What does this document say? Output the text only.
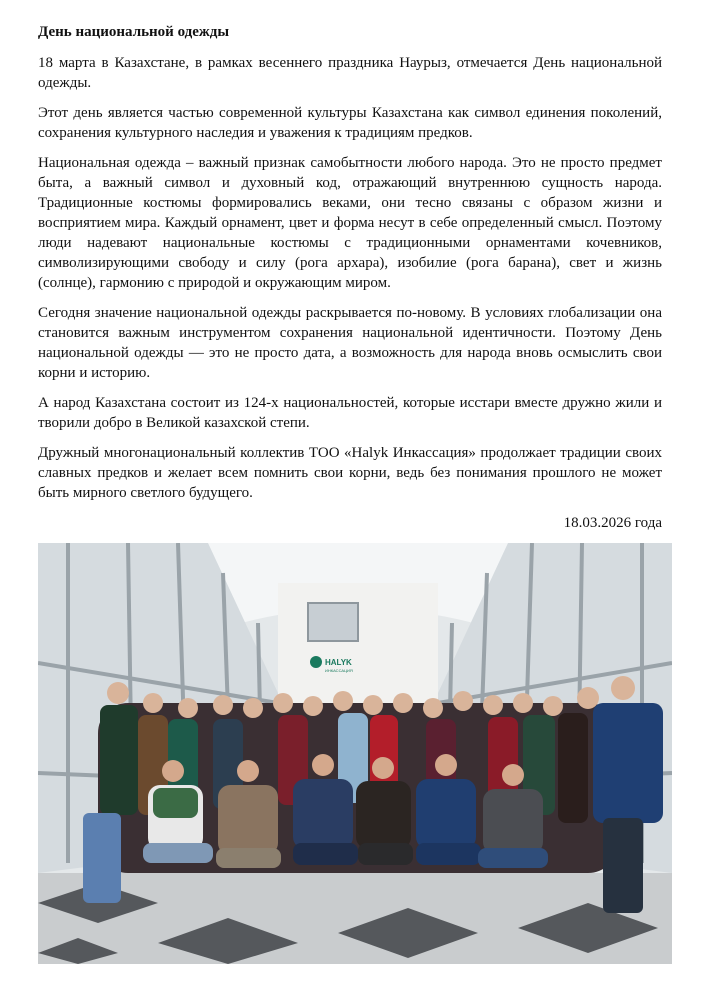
День национальной одежды

18 марта в Казахстане, в рамках весеннего праздника Наурыз, отмечается День национальной одежды.

Этот день является частью современной культуры Казахстана как символ единения поколений, сохранения культурного наследия и уважения к традициям предков.

Национальная одежда – важный признак самобытности любого народа. Это не просто предмет быта, а важный символ и духовный код, отражающий внутреннюю сущность народа. Традиционные костюмы формировались веками, они тесно связаны с образом жизни и восприятием мира. Каждый орнамент, цвет и форма несут в себе определенный смысл. Поэтому люди надевают национальные костюмы с традиционными орнаментами кочевников, символизирующими свободу и силу (рога архара), изобилие (рога барана), свет и жизнь (солнце), гармонию с природой и окружающим миром.

Сегодня значение национальной одежды раскрывается по-новому. В условиях глобализации она становится важным инструментом сохранения национальной идентичности. Поэтому День национальной одежды — это не просто дата, а возможность для народа вновь осмыслить свои корни и историю.

А народ Казахстана состоит из 124-х национальностей, которые исстари вместе дружно жили и творили добро в Великой казахской степи.

Дружный многонациональный коллектив ТОО «Halyk Инкассация» продолжает традиции своих славных предков и желает всем помнить свои корни, ведь без понимания прошлого не может быть мирного светлого будущего.

18.03.2026 года
HALYK
ИНКАССАЦИЯ
